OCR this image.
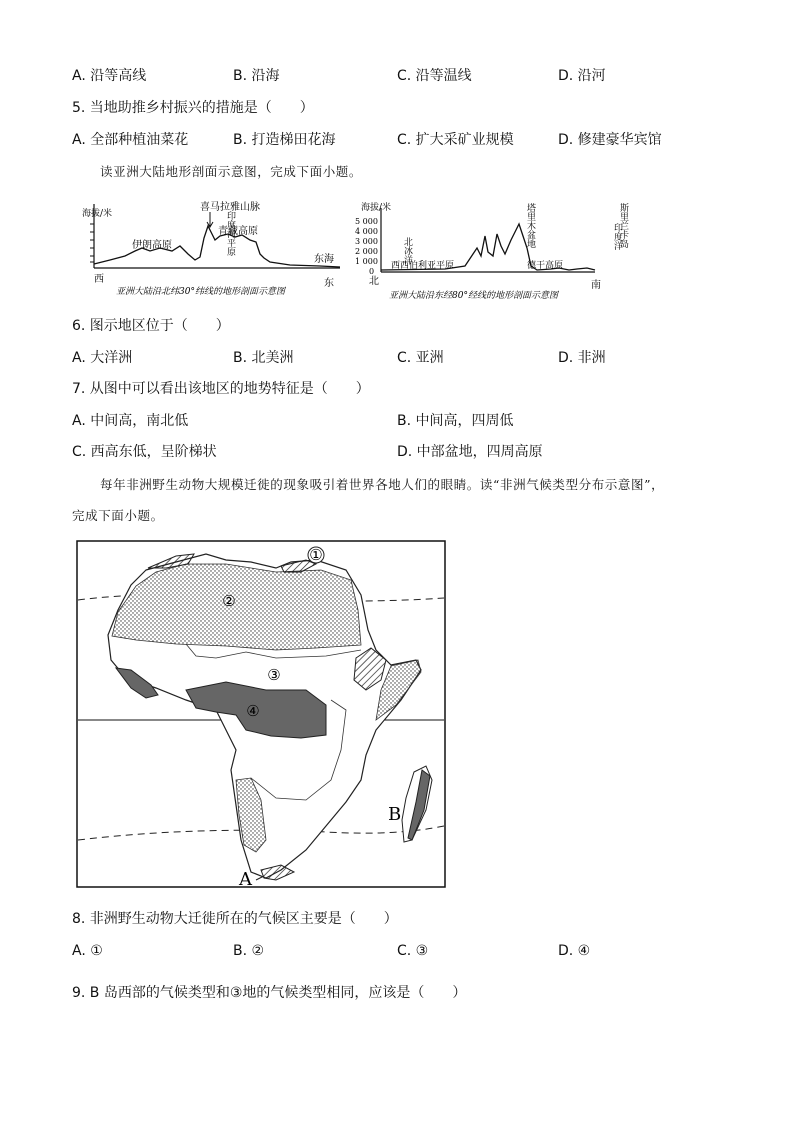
A. 沿等高线	B. 沿海	C. 沿等温线	D. 沿河
5. 当地助推乡村振兴的措施是（　　）
A. 全部种植油菜花	B. 打造梯田花海	C. 扩大采矿业规模	D. 修建豪华宾馆
读亚洲大陆地形剖面示意图，完成下面小题。
海拔/米
伊朗高原
喜马拉雅山脉
印度河平原
青藏高原
东海
西	东
亚洲大陆沿北纬30°纬线的地形剖面示意图
海拔/米
5 000
4 000
3 000
2 000
1 000
0
北冰洋
西西伯利亚平原
塔里木盆地
德干高原
斯里兰卡岛
印度洋
北	南
亚洲大陆沿东经80°经线的地形剖面示意图
6. 图示地区位于（　　）
A. 大洋洲	B. 北美洲	C. 亚洲	D. 非洲
7. 从图中可以看出该地区的地势特征是（　　）
A. 中间高，南北低	B. 中间高，四周低
C. 西高东低，呈阶梯状	D. 中部盆地，四周高原
每年非洲野生动物大规模迁徙的现象吸引着世界各地人们的眼睛。读“非洲气候类型分布示意图”，
完成下面小题。
①
②
③
④
A
B
8. 非洲野生动物大迁徙所在的气候区主要是（　　）
A. ①	B. ②	C. ③	D. ④
9. B 岛西部的气候类型和③地的气候类型相同，应该是（　　）
